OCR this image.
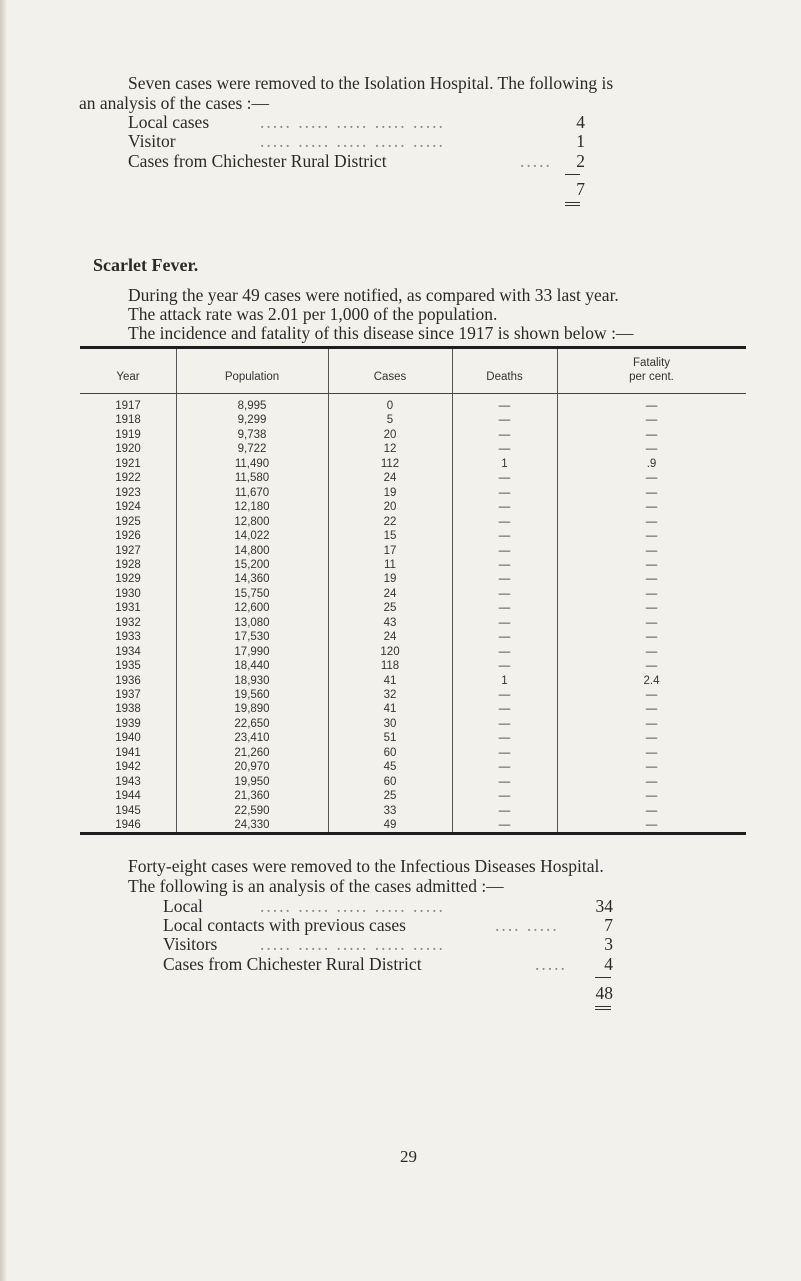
Seven cases were removed to the Isolation Hospital. The following is
an analysis of the cases :—
Local cases	..... ..... ..... ..... .....	4
Visitor	..... ..... ..... ..... .....	1
Cases from Chichester Rural District	.....	2
7
Scarlet Fever.
During the year 49 cases were notified, as compared with 33 last year.
The attack rate was 2.01 per 1,000 of the population.
The incidence and fatality of this disease since 1917 is shown below :—
Year	Population	Cases	Deaths
Fatality
per cent.
1917	8,995	0	—	—
1918	9,299	5	—	—
1919	9,738	20	—	—
1920	9,722	12	—	—
1921	11,490	112	1	.9
1922	11,580	24	—	—
1923	11,670	19	—	—
1924	12,180	20	—	—
1925	12,800	22	—	—
1926	14,022	15	—	—
1927	14,800	17	—	—
1928	15,200	11	—	—
1929	14,360	19	—	—
1930	15,750	24	—	—
1931	12,600	25	—	—
1932	13,080	43	—	—
1933	17,530	24	—	—
1934	17,990	120	—	—
1935	18,440	118	—	—
1936	18,930	41	1	2.4
1937	19,560	32	—	—
1938	19,890	41	—	—
1939	22,650	30	—	—
1940	23,410	51	—	—
1941	21,260	60	—	—
1942	20,970	45	—	—
1943	19,950	60	—	—
1944	21,360	25	—	—
1945	22,590	33	—	—
1946	24,330	49	—	—
Forty-eight cases were removed to the Infectious Diseases Hospital.
The following is an analysis of the cases admitted :—
Local	..... ..... ..... ..... .....	34
Local contacts with previous cases	.... .....	7
Visitors ..... ..... ..... ..... .....	3
Cases from Chichester Rural District	.....	4
48
29
